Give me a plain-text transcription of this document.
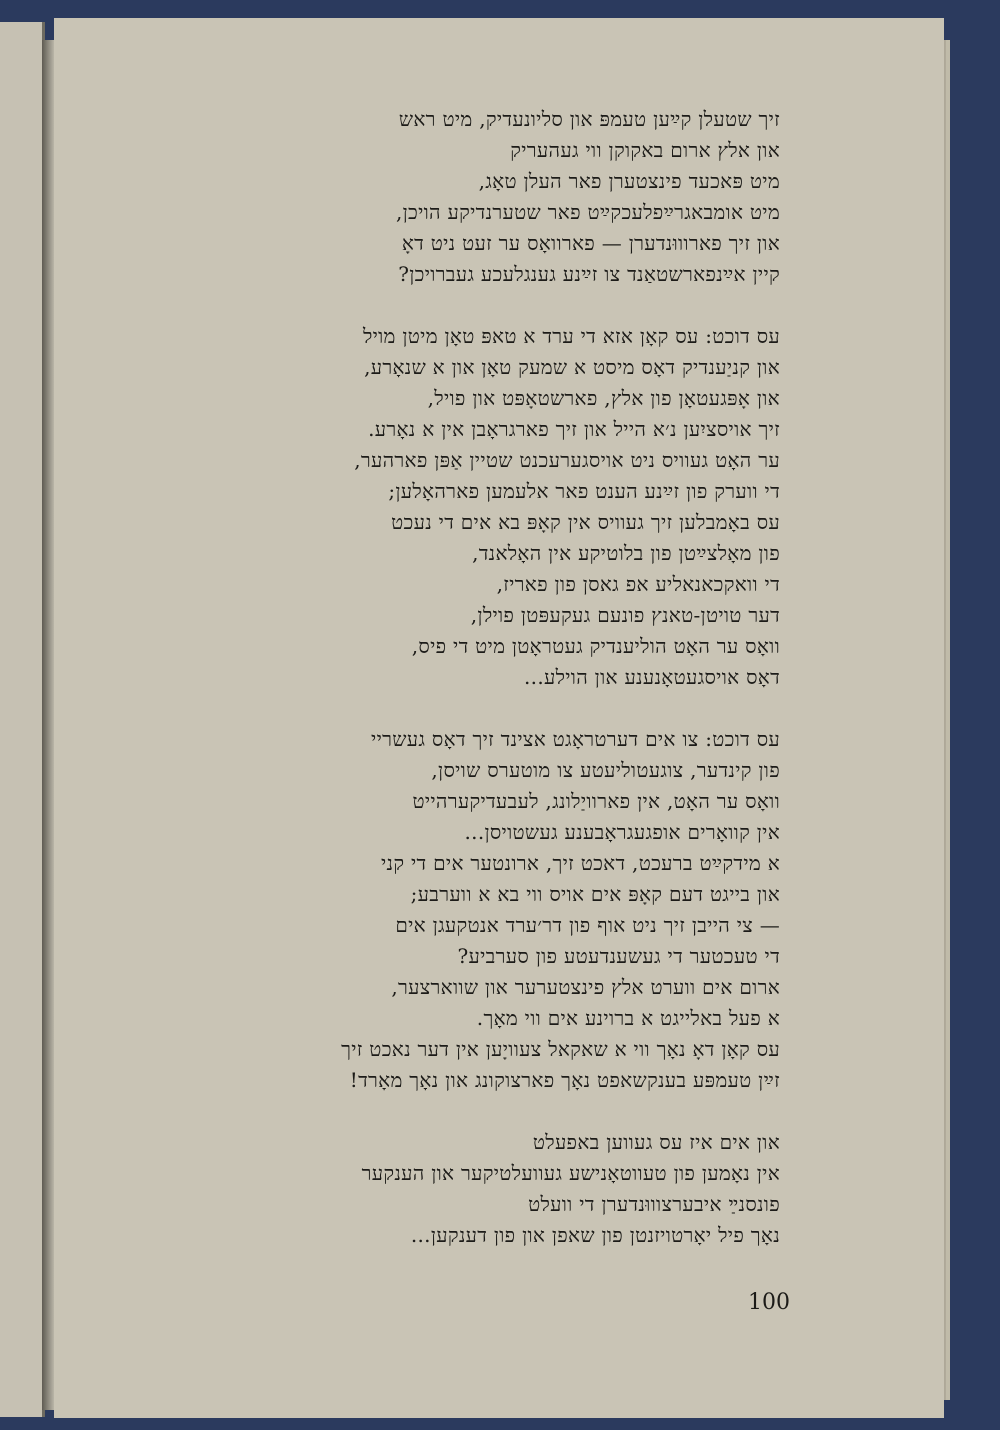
זיך שטעלן קײַען טעמפּ און סליונעדיק, מיט ראש
און אלץ ארום באקוקן ווי געהעריק
מיט פּאכעד פינצטערן פאר העלן טאָג,
מיט אומבאגרײַפלעכקײַט פאר שטערנדיקע הויכן,
און זיך פארוווּנדערן — פארוואָס ער זעט ניט דאָ
קיין אײַנפארשטאַנד צו זײַנע גענגלעכע געברויכן?
עס דוכט: עס קאָן אזא די ערד א טאפּ טאָן מיטן מויל
און קניַענדיק דאָס מיסט א שמעק טאָן און א שנאָרע,
און אָפּגעטאָן פון אלץ, פארשטאָפּט און פויל,
זיך אויסציִען נ׳א הייל און זיך פארגראָבן אין א נאָרע.
ער האָט געוויס ניט אויסגערעכנט שטיין אַפּן פארהער,
די ווערק פון זײַנע הענט פאר אלעמען פארהאָלען;
עס באָמבלען זיך געוויס אין קאָפּ בא אים די נעכט
פון מאָלצײַטן פון בלוטיקע אין האָלאנד,
די וואקכאנאליע אפ גאסן פון פאריז,
דער טויטן-טאנץ פונעם געקעפּטן פוילן,
וואָס ער האָט הוליענדיק געטראָטן מיט די פיס,
דאָס אויסגעטאָנענע און הוילע...
עס דוכט: צו אים דערטראָגט אצינד זיך דאָס געשריי
פון קינדער, צוגעטוליעטע צו מוטערס שויסן,
וואָס ער האָט, אין פארוויַלונג, לעבעדיקערהייט
אין קוואָרים אופגעגראָבענע געשטויסן...
א מידקײַט ברעכט, דאכט זיך, ארונטער אים די קני
און בייגט דעם קאָפּ אים אויס ווי בא א ווערבע;
— צי הייבן זיך ניט אוף פון דר׳ערד אנטקעגן אים
די טעכטער די געשענדעטע פון סערביע?
ארום אים ווערט אלץ פינצטערער און שווארצער,
א פעל באלייגט א ברוינע אים ווי מאָך.
עס קאָן דאָ נאָך ווי א שאקאל צעוויָען אין דער נאכט זיך
זײַן טעמפּע בענקשאפט נאָך פארצוקונג און נאָך מאָרד!
און אים איז עס געווען באפעלט
אין נאָמען פון טעווטאָנישע געוועלטיקער און הענקער
פונסנײַ איבערצוווּנדערן די וועלט
נאָך פיל יאָרטויזנטן פון שאפן און פון דענקען...
100
